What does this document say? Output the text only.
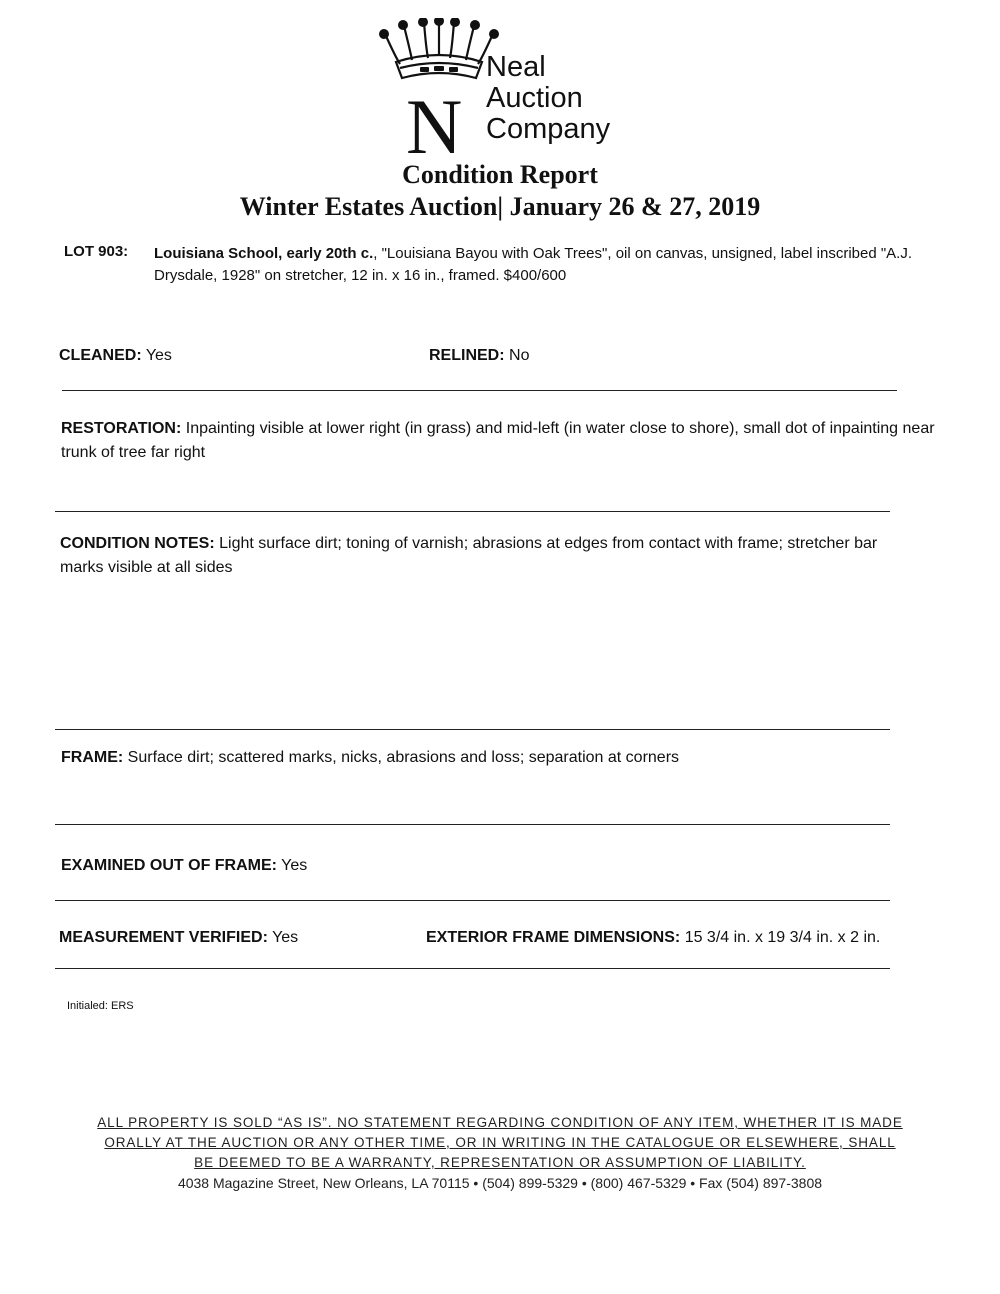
N
Neal
Auction
Company
Condition Report
Winter Estates Auction| January 26 & 27, 2019
LOT 903: Louisiana School, early 20th c., "Louisiana Bayou with Oak Trees", oil on canvas, unsigned, label inscribed "A.J. Drysdale, 1928" on stretcher, 12 in. x 16 in., framed. $400/600
CLEANED: Yes	RELINED: No
RESTORATION: Inpainting visible at lower right (in grass) and mid-left (in water close to shore), small dot of inpainting near trunk of tree far right
CONDITION NOTES: Light surface dirt; toning of varnish; abrasions at edges from contact with frame; stretcher bar marks visible at all sides
FRAME: Surface dirt; scattered marks, nicks, abrasions and loss; separation at corners
EXAMINED OUT OF FRAME: Yes
MEASUREMENT VERIFIED: Yes	EXTERIOR FRAME DIMENSIONS: 15 3/4 in. x 19 3/4 in. x 2 in.
Initialed: ERS
ALL PROPERTY IS SOLD “AS IS”. NO STATEMENT REGARDING CONDITION OF ANY ITEM, WHETHER IT IS MADE
ORALLY AT THE AUCTION OR ANY OTHER TIME, OR IN WRITING IN THE CATALOGUE OR ELSEWHERE, SHALL
BE DEEMED TO BE A WARRANTY, REPRESENTATION OR ASSUMPTION OF LIABILITY.
4038 Magazine Street, New Orleans, LA 70115 • (504) 899-5329 • (800) 467-5329 • Fax (504) 897-3808
